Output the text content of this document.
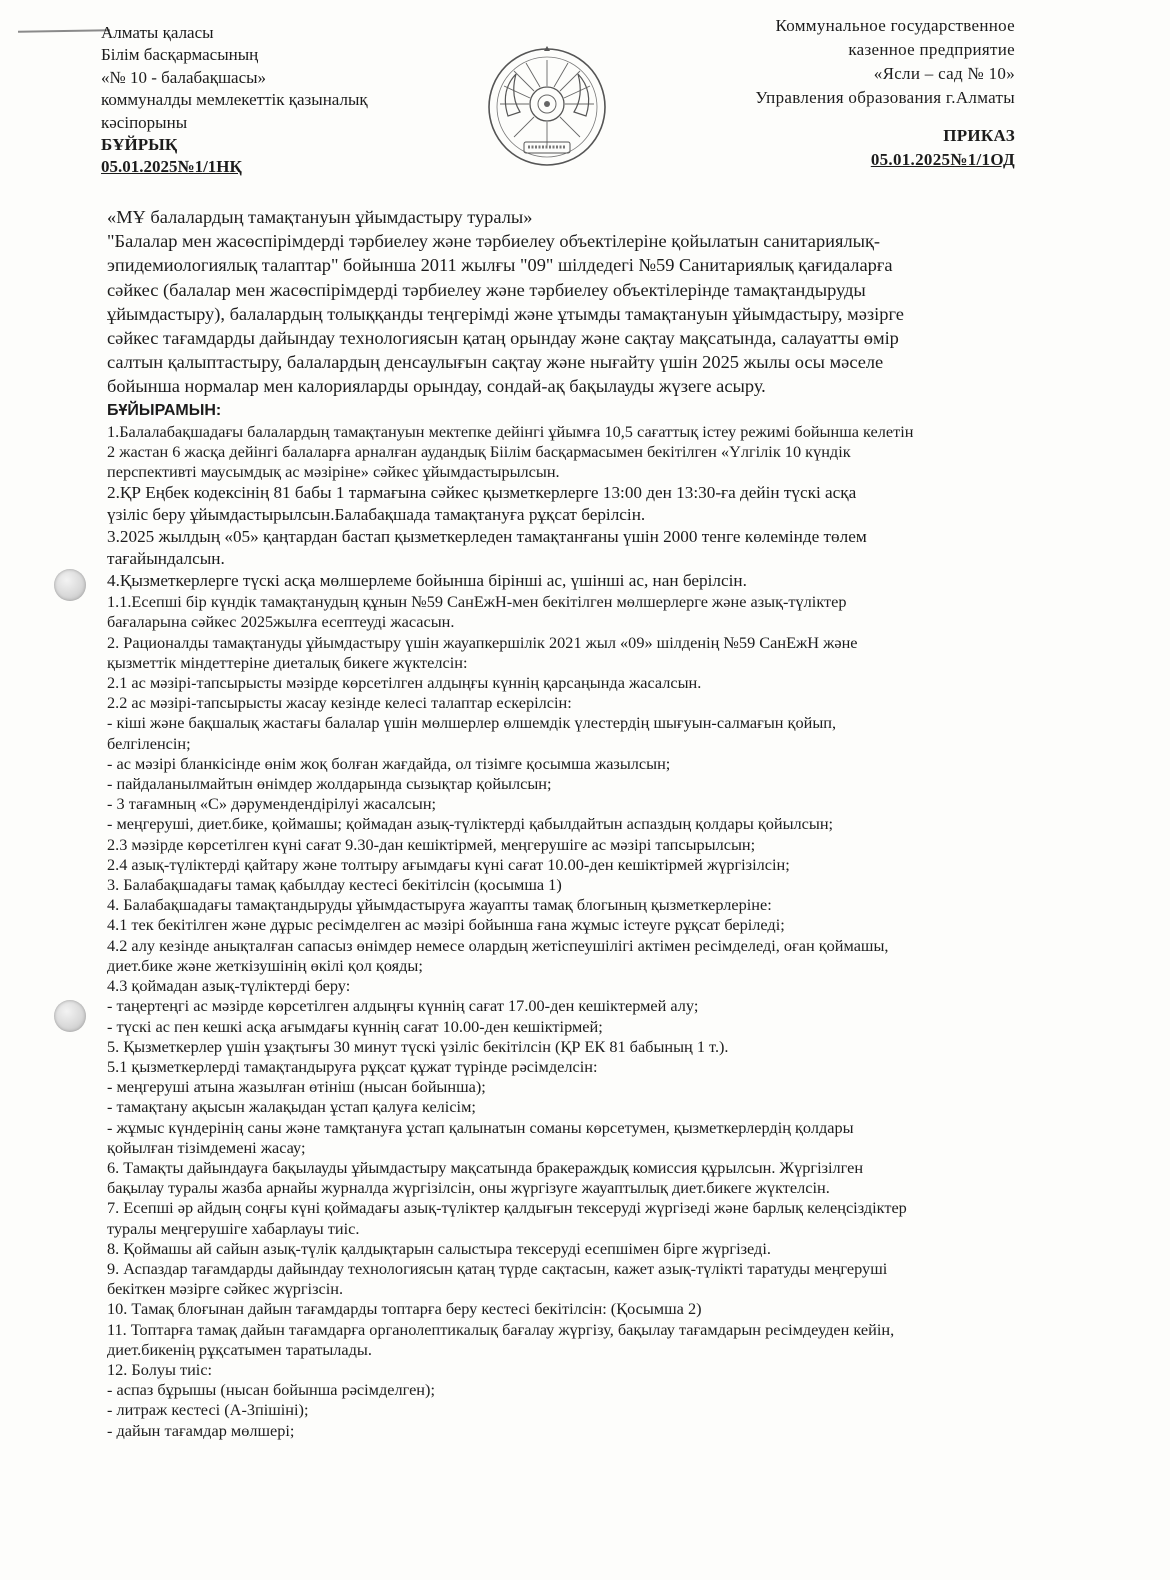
Алматы қаласы
Білім басқармасының
«№ 10 - балабақшасы»
коммуналды мемлекеттік қазыналық
кәсіпорыны
БҰЙРЫҚ
05.01.2025№1/1НҚ
Коммунальное государственное
казенное предприятие
«Ясли – сад № 10»
Управления образования г.Алматы
ПРИКАЗ
05.01.2025№1/1ОД
«МҰ балалардың тамақтануын ұйымдастыру туралы»
"Балалар мен жасөспірімдерді тәрбиелеу және тәрбиелеу объектілеріне қойылатын санитариялық-
эпидемиологиялық талаптар" бойынша 2011 жылғы "09" шілдедегі №59 Санитариялық қағидаларға
сәйкес (балалар мен жасөспірімдерді тәрбиелеу және тәрбиелеу объектілерінде тамақтандыруды
ұйымдастыру), балалардың толыққанды теңгерімді және ұтымды тамақтануын ұйымдастыру, мәзірге
сәйкес тағамдарды дайындау технологиясын қатаң орындау және сақтау мақсатында, салауатты өмір
салтын қалыптастыру, балалардың денсаулығын сақтау және нығайту үшін 2025 жылы осы мәселе
бойынша нормалар мен калорияларды орындау, сондай-ақ бақылауды жүзеге асыру.
БҰЙЫРАМЫН:
1.Балалабақшадағы балалардың тамақтануын мектепке дейінгі ұйымға 10,5 сағаттық істеу режимі бойынша келетін
2 жастан 6 жасқа дейінгі балаларға арналған аудандық Біілім басқармасымен бекітілген «Үлгілік 10 күндік
перспективті маусымдық ас мәзіріне» сәйкес ұйымдастырылсын.
2.ҚР Еңбек кодексінің 81 бабы 1 тармағына сәйкес қызметкерлерге 13:00 ден 13:30-ға дейін түскі асқа
үзіліс беру ұйымдастырылсын.Балабақшада тамақтануға рұқсат берілсін.
3.2025 жылдың «05» қаңтардан бастап қызметкерледен тамақтанғаны үшін 2000 тенге көлемінде төлем
тағайындалсын.
4.Қызметкерлерге түскі асқа мөлшерлеме бойынша бірінші ас, үшінші ас, нан берілсін.
1.1.Есепші бір күндік тамақтанудың құнын №59 СанЕжН-мен бекітілген мөлшерлерге және азық-түліктер
бағаларына сәйкес 2025жылға есептеуді жасасын.
2. Рационалды тамақтануды ұйымдастыру үшін жауапкершілік 2021 жыл «09» шілденің №59 СанЕжН және
қызметтік міндеттеріне диеталық бикеге жүктелсін:
2.1 ас мәзірі-тапсырысты мәзірде көрсетілген алдыңғы күннің қарсаңында жасалсын.
2.2 ас мәзірі-тапсырысты жасау кезінде келесі талаптар ескерілсін:
- кіші және бақшалық жастағы балалар үшін мөлшерлер өлшемдік үлестердің шығуын-салмағын қойып,
белгіленсін;
- ас мәзірі бланкісінде өнім жоқ болған жағдайда, ол тізімге қосымша жазылсын;
- пайдаланылмайтын өнімдер жолдарында сызықтар қойылсын;
- 3 тағамның «С» дәрумендендірілуі жасалсын;
- меңгеруші, диет.бике, қоймашы; қоймадан азық-түліктерді қабылдайтын аспаздың қолдары қойылсын;
2.3 мәзірде көрсетілген күні сағат 9.30-дан кешіктірмей, меңгерушіге ас мәзірі тапсырылсын;
2.4 азық-түліктерді қайтару және толтыру ағымдағы күні сағат 10.00-ден кешіктірмей жүргізілсін;
3. Балабақшадағы тамақ қабылдау кестесі бекітілсін (қосымша 1)
4. Балабақшадағы тамақтандыруды ұйымдастыруға жауапты тамақ блогының қызметкерлеріне:
4.1 тек бекітілген және дұрыс ресімделген ас мәзірі бойынша ғана жұмыс істеуге рұқсат беріледі;
4.2 алу кезінде анықталған сапасыз өнімдер немесе олардың жетіспеушілігі актімен ресімделеді, оған қоймашы,
диет.бике және жеткізушінің өкілі қол қояды;
4.3 қоймадан азық-түліктерді беру:
- таңертеңгі ас мәзірде көрсетілген алдыңғы күннің сағат 17.00-ден кешіктермей алу;
- түскі ас пен кешкі асқа ағымдағы күннің сағат 10.00-ден кешіктірмей;
5. Қызметкерлер үшін ұзақтығы 30 минут түскі үзіліс бекітілсін (ҚР ЕК 81 бабының 1 т.).
5.1 қызметкерлерді тамақтандыруға рұқсат құжат түрінде рәсімделсін:
- меңгеруші атына жазылған өтініш (нысан бойынша);
- тамақтану ақысын жалақыдан ұстап қалуға келісім;
- жұмыс күндерінің саны және тамқтануға ұстап қалынатын соманы көрсетумен, қызметкерлердің қолдары
қойылған тізімдемені жасау;
6. Тамақты дайындауға бақылауды ұйымдастыру мақсатында бракераждық комиссия құрылсын. Жүргізілген
бақылау туралы жазба арнайы журналда жүргізілсін, оны жүргізуге жауаптылық диет.бикеге жүктелсін.
7. Есепші әр айдың соңғы күні қоймадағы азық-түліктер қалдығын тексеруді жүргізеді және барлық келеңсіздіктер
туралы меңгерушіге хабарлауы тиіс.
8. Қоймашы ай сайын азық-түлік қалдықтарын салыстыра тексеруді есепшімен бірге жүргізеді.
9. Аспаздар тағамдарды дайындау технологиясын қатаң түрде сақтасын, кажет азық-түлікті таратуды меңгеруші
бекіткен мәзірге сәйкес жүргізсін.
10. Тамақ блоғынан дайын тағамдарды топтарға беру кестесі бекітілсін: (Қосымша 2)
11. Топтарға тамақ дайын тағамдарға органолептикалық бағалау жүргізу, бақылау тағамдарын ресімдеуден кейін,
диет.бикенің рұқсатымен таратылады.
12. Болуы тиіс:
- аспаз бұрышы (нысан бойынша рәсімделген);
- литраж кестесі (А-3пішіні);
- дайын тағамдар мөлшері;
